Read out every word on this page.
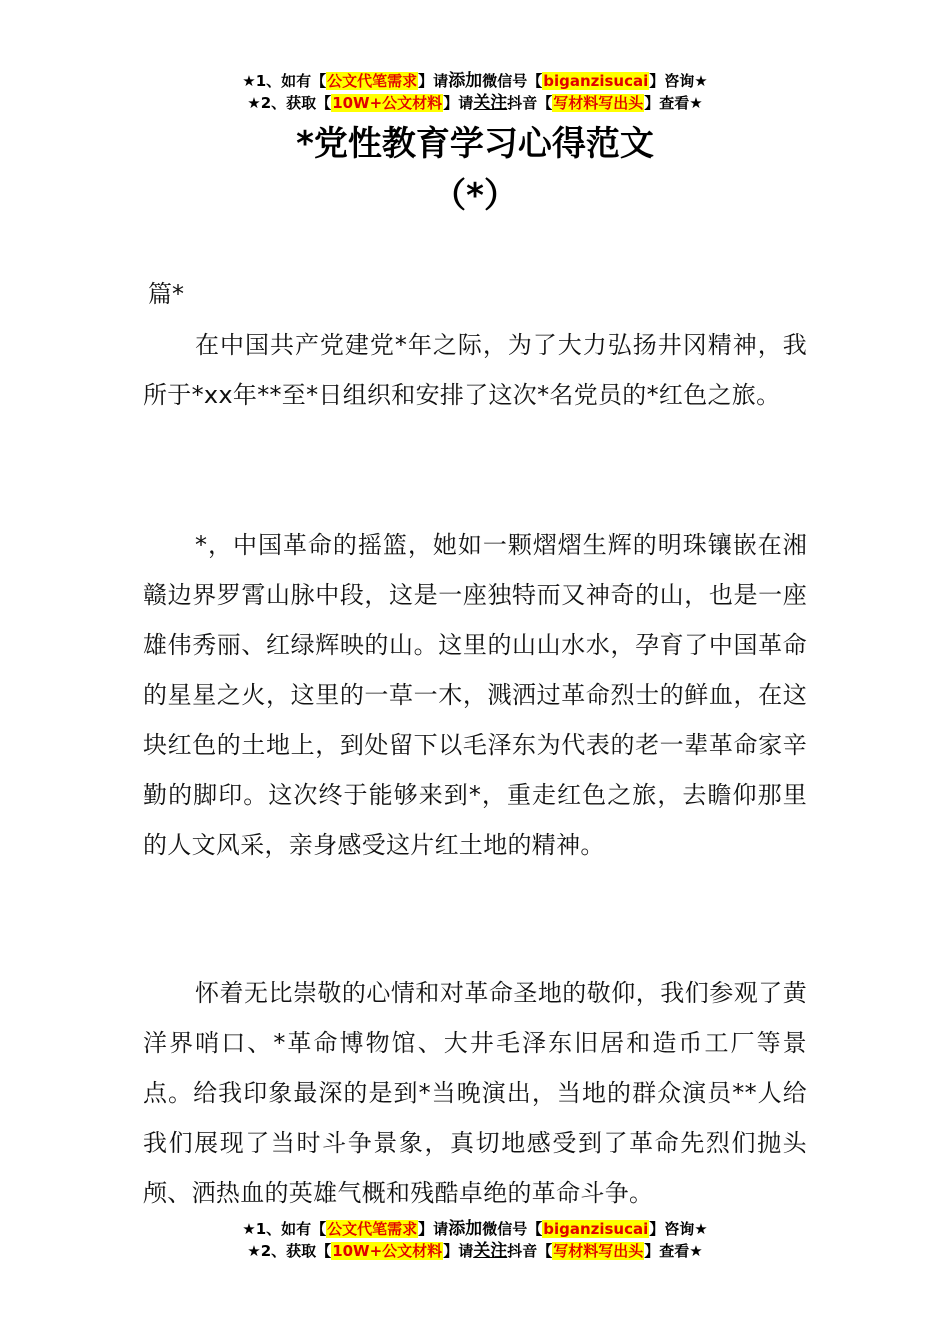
★1、如有【公文代笔需求】请添加微信号【biganzisucai】咨询★
★2、获取【10W+公文材料】请关注抖音【写材料写出头】查看★
*党性教育学习心得范文
（*）
篇*
在中国共产党建党*年之际，为了大力弘扬井冈精神，我所于*xx年**至*日组织和安排了这次*名党员的*红色之旅。
*，中国革命的摇篮，她如一颗熠熠生辉的明珠镶嵌在湘赣边界罗霄山脉中段，这是一座独特而又神奇的山，也是一座雄伟秀丽、红绿辉映的山。这里的山山水水，孕育了中国革命的星星之火，这里的一草一木，溅洒过革命烈士的鲜血，在这块红色的土地上，到处留下以毛泽东为代表的老一辈革命家辛勤的脚印。这次终于能够来到*，重走红色之旅，去瞻仰那里的人文风采，亲身感受这片红土地的精神。
怀着无比崇敬的心情和对革命圣地的敬仰，我们参观了黄洋界哨口、*革命博物馆、大井毛泽东旧居和造币工厂等景点。给我印象最深的是到*当晚演出，当地的群众演员**人给我们展现了当时斗争景象，真切地感受到了革命先烈们抛头颅、洒热血的英雄气概和残酷卓绝的革命斗争。
★1、如有【公文代笔需求】请添加微信号【biganzisucai】咨询★
★2、获取【10W+公文材料】请关注抖音【写材料写出头】查看★
